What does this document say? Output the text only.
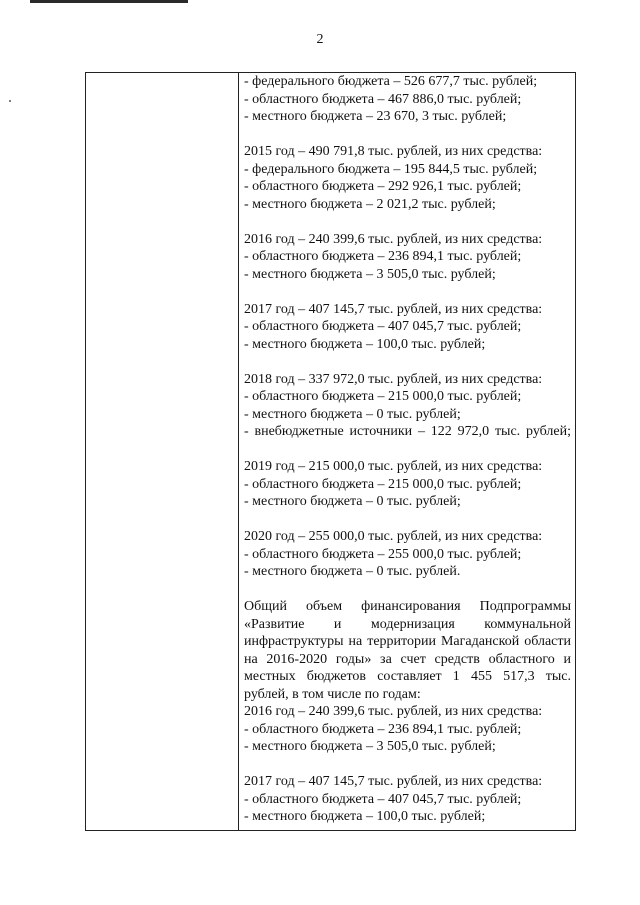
2
- федерального бюджета – 526 677,7 тыс. рублей;
- областного бюджета – 467 886,0 тыс. рублей;
- местного бюджета – 23 670, 3 тыс. рублей;
2015 год – 490 791,8 тыс. рублей, из них средства:
- федерального бюджета – 195 844,5 тыс. рублей;
- областного бюджета – 292 926,1 тыс. рублей;
- местного бюджета – 2 021,2 тыс. рублей;
2016 год – 240 399,6 тыс. рублей, из них средства:
- областного бюджета – 236 894,1 тыс. рублей;
- местного бюджета – 3 505,0 тыс. рублей;
2017 год – 407 145,7 тыс. рублей, из них средства:
- областного бюджета – 407 045,7 тыс. рублей;
- местного бюджета – 100,0 тыс. рублей;
2018 год – 337 972,0 тыс. рублей, из них средства:
- областного бюджета – 215 000,0 тыс. рублей;
- местного бюджета – 0 тыс. рублей;
- внебюджетные источники – 122 972,0 тыс. рублей;
2019 год – 215 000,0 тыс. рублей, из них средства:
- областного бюджета – 215 000,0 тыс. рублей;
- местного бюджета – 0 тыс. рублей;
2020 год – 255 000,0 тыс. рублей, из них средства:
- областного бюджета – 255 000,0 тыс. рублей;
- местного бюджета – 0 тыс. рублей.
Общий объем финансирования Подпрограммы «Развитие и модернизация коммунальной инфраструктуры на территории Магаданской области на 2016-2020 годы» за счет средств областного и местных бюджетов составляет 1 455 517,3 тыс. рублей, в том числе по годам:
2016 год – 240 399,6 тыс. рублей, из них средства:
- областного бюджета – 236 894,1 тыс. рублей;
- местного бюджета – 3 505,0 тыс. рублей;
2017 год – 407 145,7 тыс. рублей, из них средства:
- областного бюджета – 407 045,7 тыс. рублей;
- местного бюджета – 100,0 тыс. рублей;
